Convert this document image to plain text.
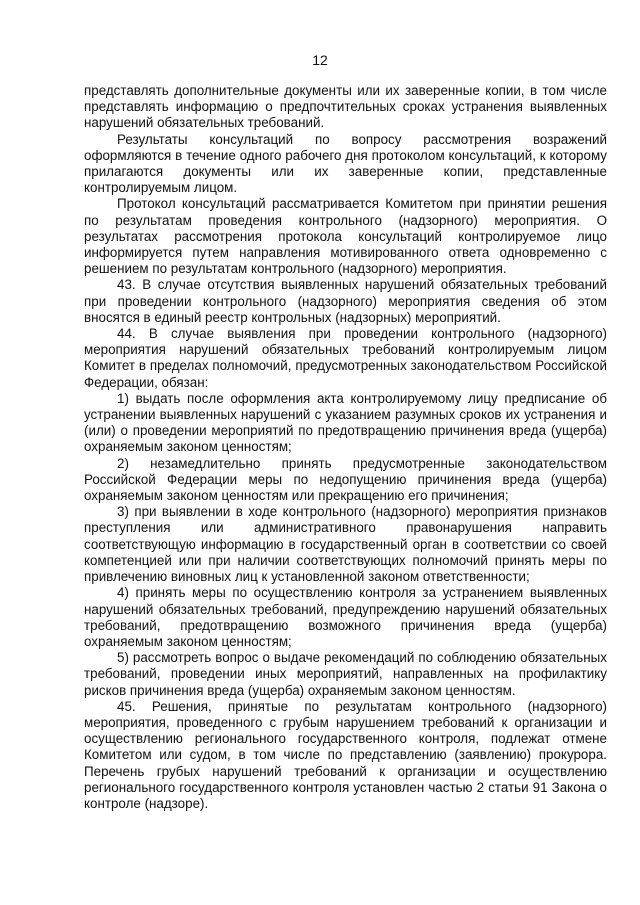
12

представлять дополнительные документы или их заверенные копии, в том числе представлять информацию о предпочтительных сроках устранения выявленных нарушений обязательных требований.

Результаты консультаций по вопросу рассмотрения возражений оформляются в течение одного рабочего дня протоколом консультаций, к которому прилагаются документы или их заверенные копии, представленные контролируемым лицом.

Протокол консультаций рассматривается Комитетом при принятии решения по результатам проведения контрольного (надзорного) мероприятия. О результатах рассмотрения протокола консультаций контролируемое лицо информируется путем направления мотивированного ответа одновременно с решением по результатам контрольного (надзорного) мероприятия.

43. В случае отсутствия выявленных нарушений обязательных требований при проведении контрольного (надзорного) мероприятия сведения об этом вносятся в единый реестр контрольных (надзорных) мероприятий.

44. В случае выявления при проведении контрольного (надзорного) мероприятия нарушений обязательных требований контролируемым лицом Комитет в пределах полномочий, предусмотренных законодательством Российской Федерации, обязан:

1) выдать после оформления акта контролируемому лицу предписание об устранении выявленных нарушений с указанием разумных сроков их устранения и (или) о проведении мероприятий по предотвращению причинения вреда (ущерба) охраняемым законом ценностям;

2) незамедлительно принять предусмотренные законодательством Российской Федерации меры по недопущению причинения вреда (ущерба) охраняемым законом ценностям или прекращению его причинения;

3) при выявлении в ходе контрольного (надзорного) мероприятия признаков преступления или административного правонарушения направить соответствующую информацию в государственный орган в соответствии со своей компетенцией или при наличии соответствующих полномочий принять меры по привлечению виновных лиц к установленной законом ответственности;

4) принять меры по осуществлению контроля за устранением выявленных нарушений обязательных требований, предупреждению нарушений обязательных требований, предотвращению возможного причинения вреда (ущерба) охраняемым законом ценностям;

5) рассмотреть вопрос о выдаче рекомендаций по соблюдению обязательных требований, проведении иных мероприятий, направленных на профилактику рисков причинения вреда (ущерба) охраняемым законом ценностям.

45. Решения, принятые по результатам контрольного (надзорного) мероприятия, проведенного с грубым нарушением требований к организации и осуществлению регионального государственного контроля, подлежат отмене Комитетом или судом, в том числе по представлению (заявлению) прокурора. Перечень грубых нарушений требований к организации и осуществлению регионального государственного контроля установлен частью 2 статьи 91 Закона о контроле (надзоре).
